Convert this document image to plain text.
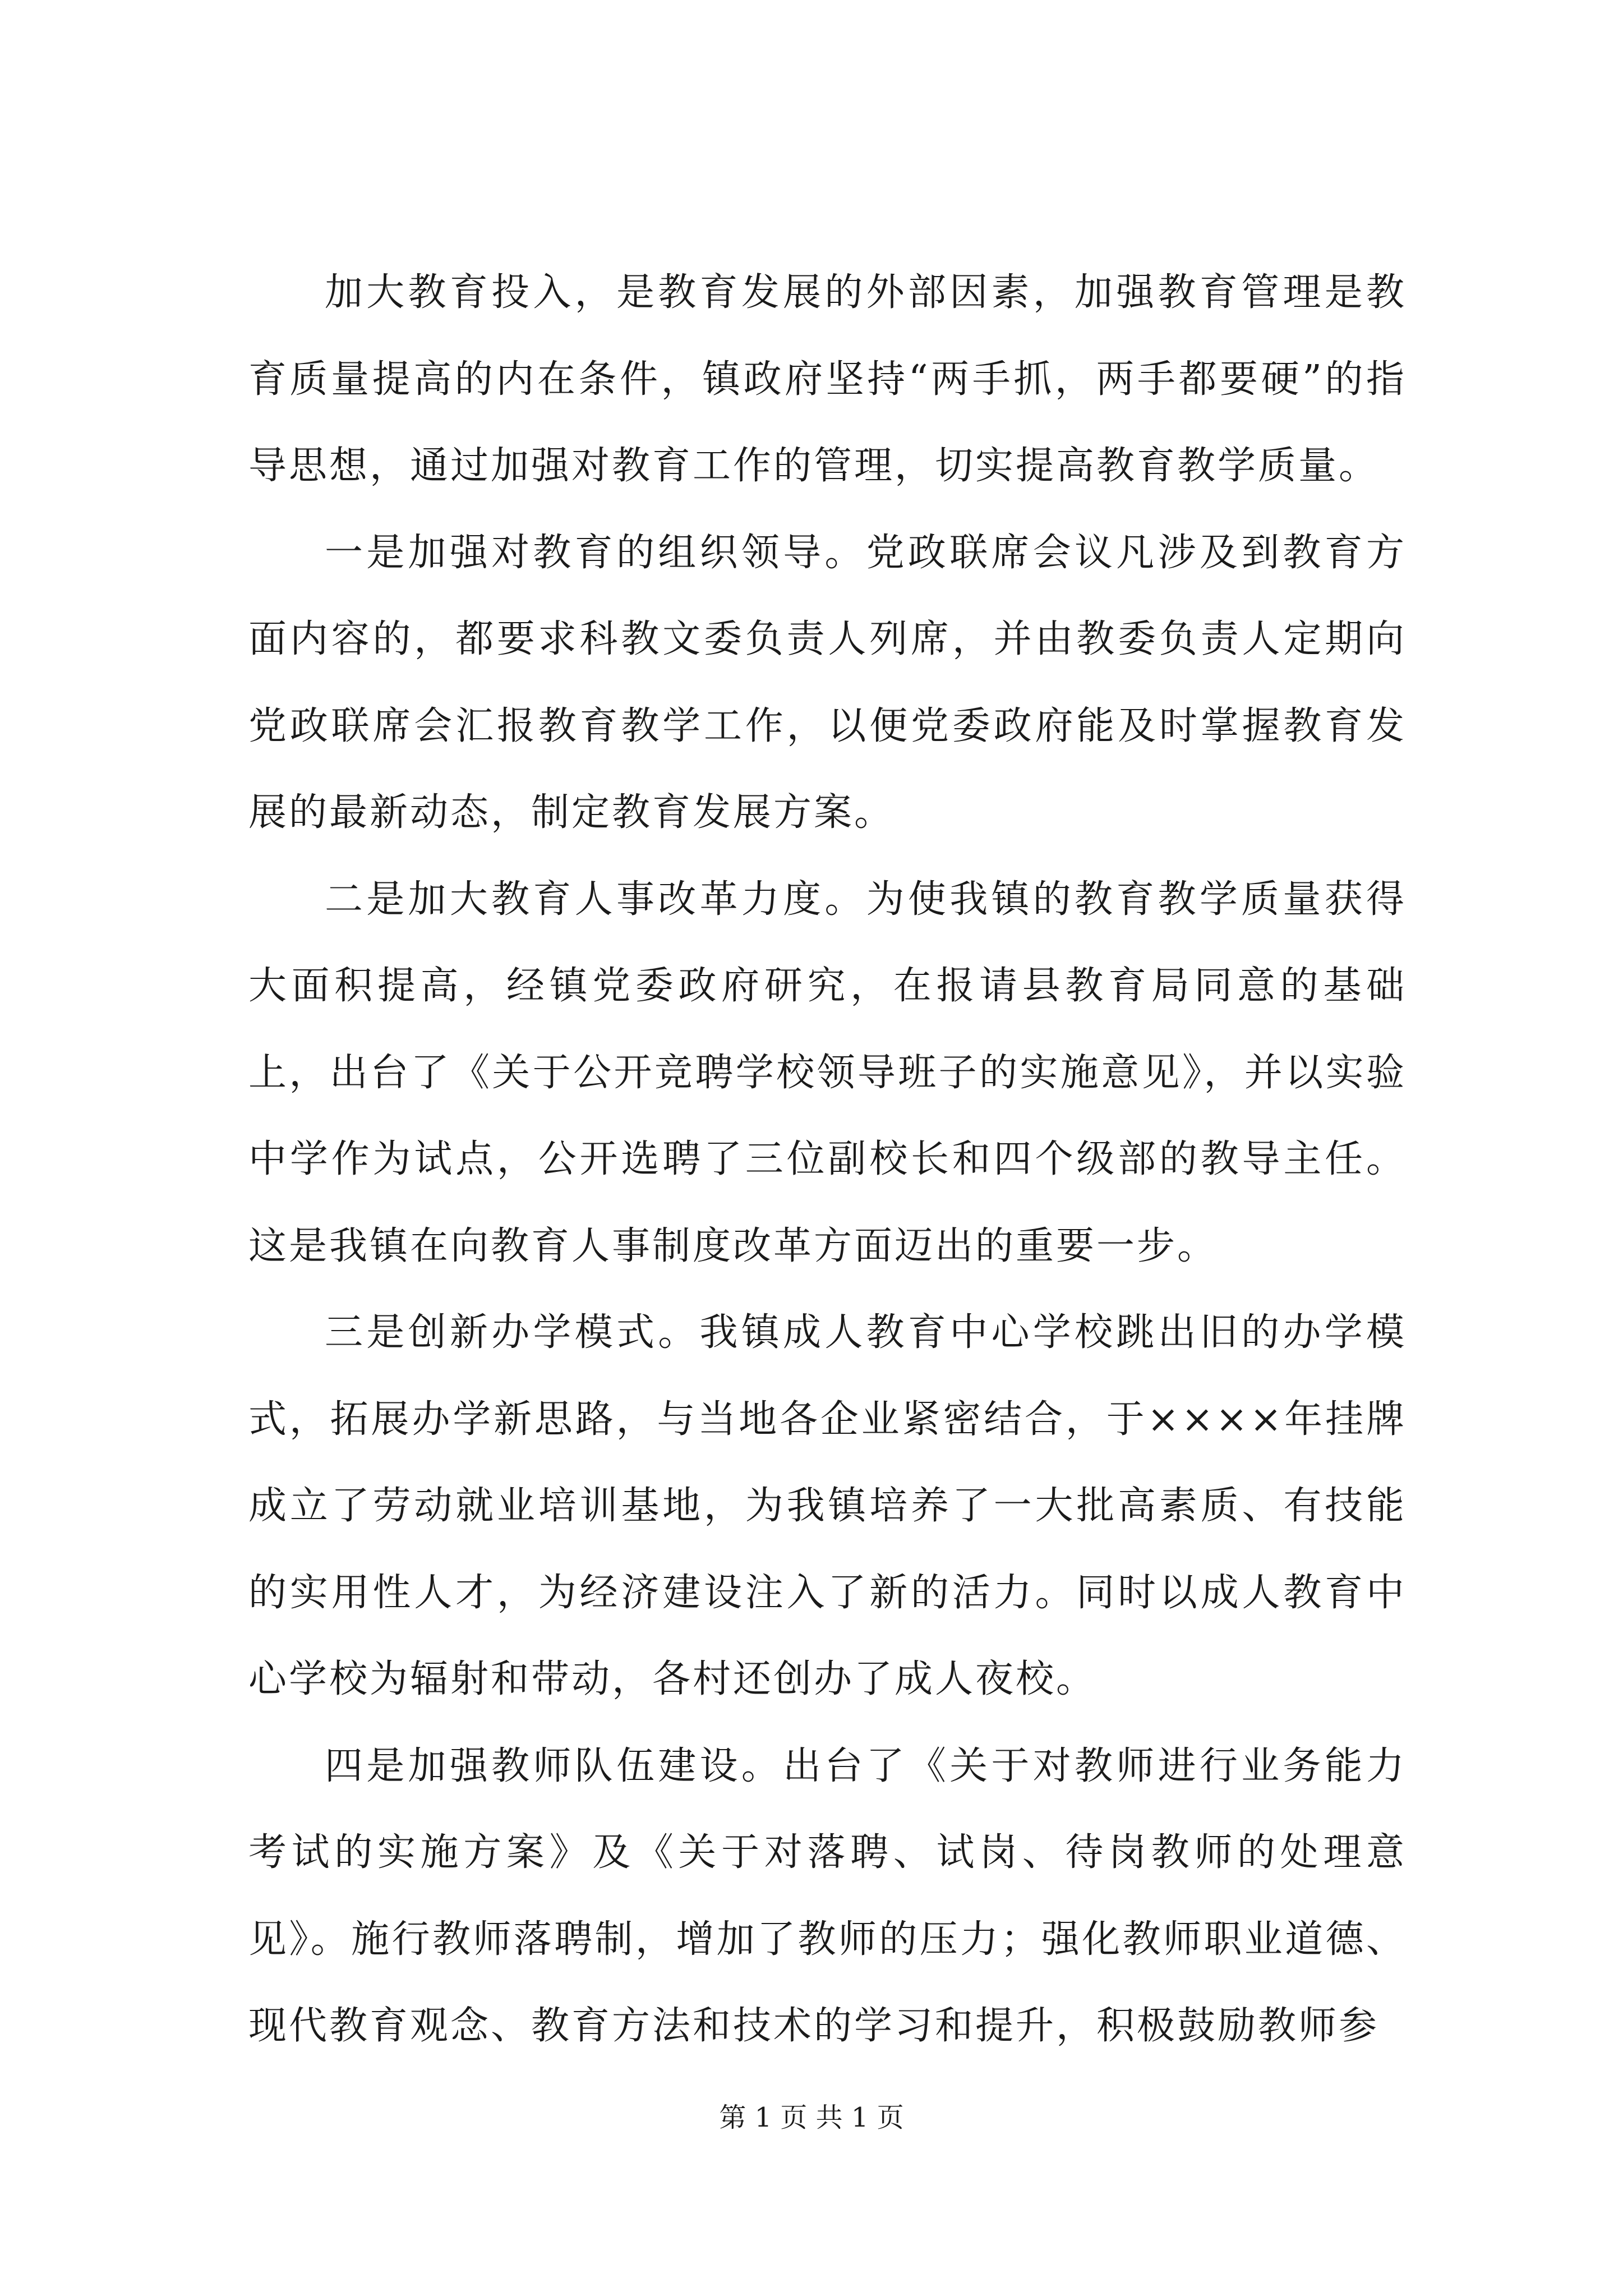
加大教育投入，是教育发展的外部因素，加强教育管理是教育质量提高的内在条件，镇政府坚持“两手抓，两手都要硬”的指导思想，通过加强对教育工作的管理，切实提高教育教学质量。

一是加强对教育的组织领导。党政联席会议凡涉及到教育方面内容的，都要求科教文委负责人列席，并由教委负责人定期向党政联席会汇报教育教学工作，以便党委政府能及时掌握教育发展的最新动态，制定教育发展方案。

二是加大教育人事改革力度。为使我镇的教育教学质量获得大面积提高，经镇党委政府研究，在报请县教育局同意的基础上，出台了《关于公开竞聘学校领导班子的实施意见》，并以实验中学作为试点，公开选聘了三位副校长和四个级部的教导主任。这是我镇在向教育人事制度改革方面迈出的重要一步。

三是创新办学模式。我镇成人教育中心学校跳出旧的办学模式，拓展办学新思路，与当地各企业紧密结合，于××××年挂牌成立了劳动就业培训基地，为我镇培养了一大批高素质、有技能的实用性人才，为经济建设注入了新的活力。同时以成人教育中心学校为辐射和带动，各村还创办了成人夜校。

四是加强教师队伍建设。出台了《关于对教师进行业务能力考试的实施方案》及《关于对落聘、试岗、待岗教师的处理意见》。施行教师落聘制，增加了教师的压力；强化教师职业道德、现代教育观念、教育方法和技术的学习和提升，积极鼓励教师参

第 1 页 共 1 页
